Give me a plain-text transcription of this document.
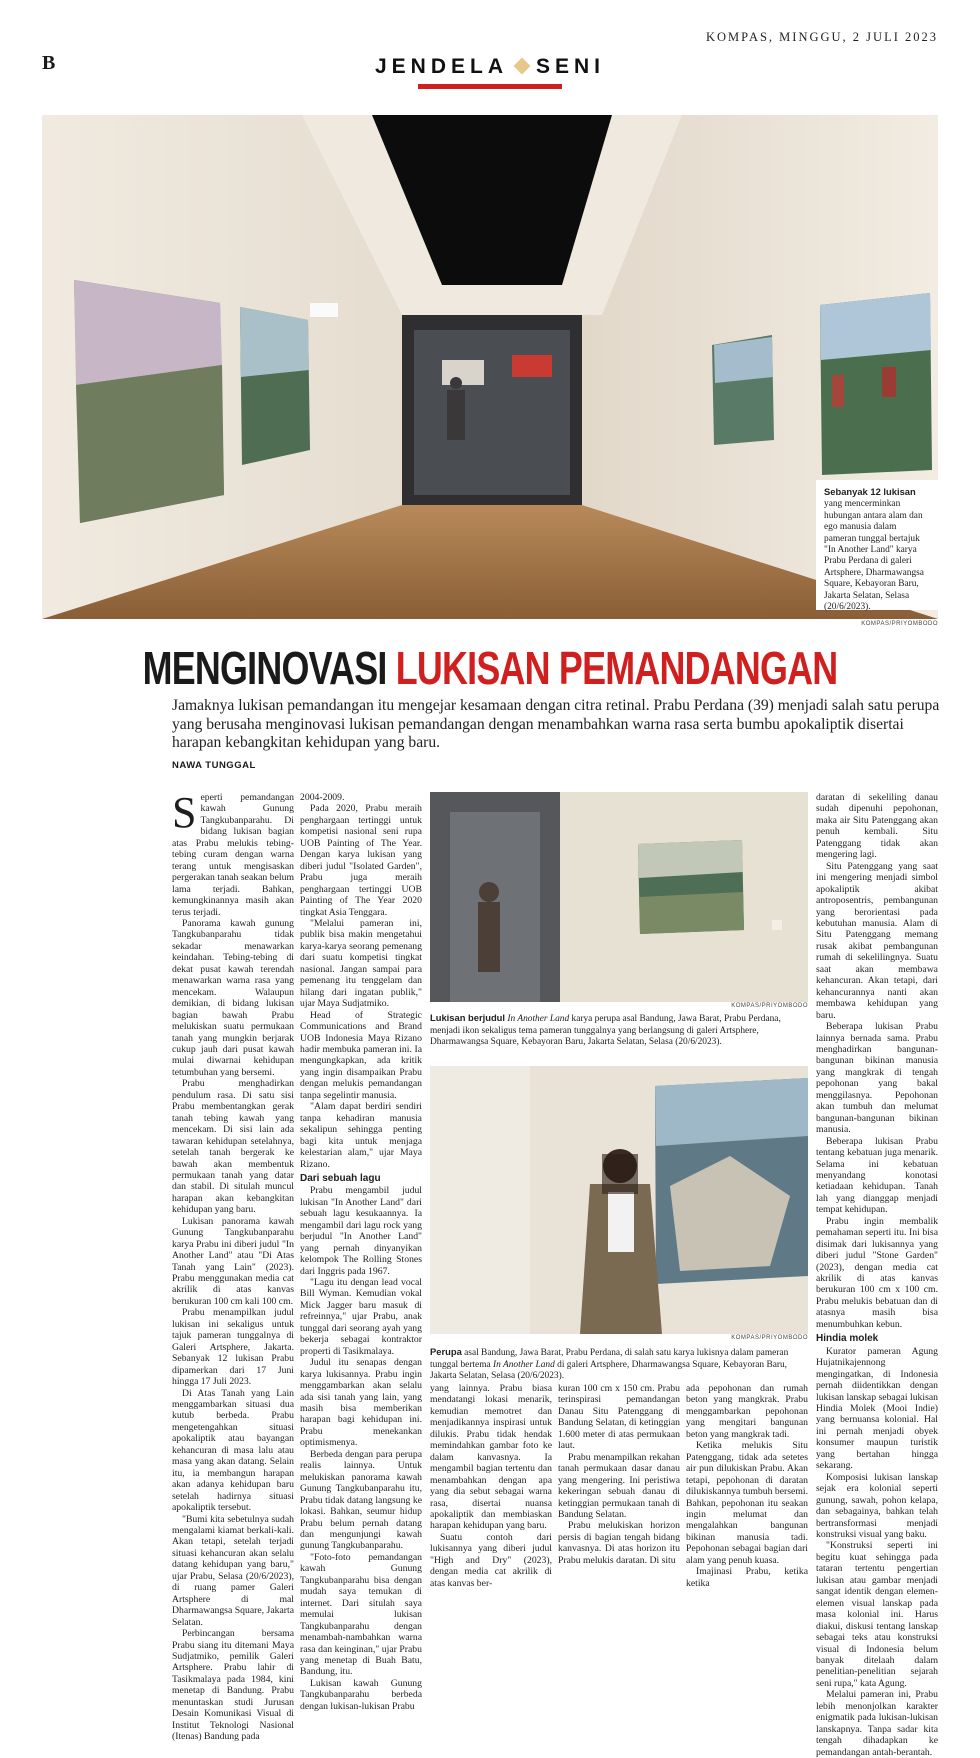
KOMPAS, MINGGU, 2 JULI 2023
B	JENDELA SENI
Sebanyak 12 lukisan yang mencerminkan hubungan antara alam dan ego manusia dalam pameran tunggal bertajuk "In Another Land" karya Prabu Perdana di galeri Artsphere, Dharmawangsa Square, Kebayoran Baru, Jakarta Selatan, Selasa (20/6/2023).
KOMPAS/PRIYOMBODO
MENGINOVASI LUKISAN PEMANDANGAN
Jamaknya lukisan pemandangan itu mengejar kesamaan dengan citra retinal. Prabu Perdana (39) menjadi salah satu perupa yang berusaha menginovasi lukisan pemandangan dengan menambahkan warna rasa serta bumbu apokaliptik disertai harapan kebangkitan kehidupan yang baru.
NAWA TUNGGAL
S eperti pemandangan kawah Gunung Tangkubanparahu. Di bidang lukisan bagian atas Prabu melukis tebing-tebing curam dengan warna terang untuk mengisaskan pergerakan tanah seakan belum lama terjadi. Bahkan, kemungkinannya masih akan terus terjadi.

Panorama kawah gunung Tangkubanparahu tidak sekadar menawarkan keindahan. Tebing-tebing di dekat pusat kawah terendah menawarkan warna rasa yang mencekam. Walaupun demikian, di bidang lukisan bagian bawah Prabu melukiskan suatu permukaan tanah yang mungkin berjarak cukup jauh dari pusat kawah mulai diwarnai kehidupan tetumbuhan yang bersemi.

Prabu menghadirkan pendulum rasa. Di satu sisi Prabu membentangkan gerak tanah tebing kawah yang mencekam. Di sisi lain ada tawaran kehidupan setelahnya, setelah tanah bergerak ke bawah akan membentuk permukaan tanah yang datar dan stabil. Di situlah muncul harapan akan kebangkitan kehidupan yang baru.

Lukisan panorama kawah Gunung Tangkubanparahu karya Prabu ini diberi judul "In Another Land" atau "Di Atas Tanah yang Lain" (2023). Prabu menggunakan media cat akrilik di atas kanvas berukuran 100 cm kali 100 cm.

Prabu menampilkan judul lukisan ini sekaligus untuk tajuk pameran tunggalnya di Galeri Artsphere, Jakarta. Sebanyak 12 lukisan Prabu dipamerkan dari 17 Juni hingga 17 Juli 2023.

Di Atas Tanah yang Lain menggambarkan situasi dua kutub berbeda. Prabu mengetengahkan situasi apokaliptik atau bayangan kehancuran di masa lalu atau masa yang akan datang. Selain itu, ia membangun harapan akan adanya kehidupan baru setelah hadirnya situasi apokaliptik tersebut.

"Bumi kita sebetulnya sudah mengalami kiamat berkali-kali. Akan tetapi, setelah terjadi situasi kehancuran akan selalu datang kehidupan yang baru," ujar Prabu, Selasa (20/6/2023), di ruang pamer Galeri Artsphere di mal Dharmawangsa Square, Jakarta Selatan.

Perbincangan bersama Prabu siang itu ditemani Maya Sudjatmiko, pemilik Galeri Artsphere. Prabu lahir di Tasikmalaya pada 1984, kini menetap di Bandung. Prabu menuntaskan studi Jurusan Desain Komunikasi Visual di Institut Teknologi Nasional (Itenas) Bandung pada

2004-2009.

Pada 2020, Prabu meraih penghargaan tertinggi untuk kompetisi nasional seni rupa UOB Painting of The Year. Dengan karya lukisan yang diberi judul "Isolated Garden", Prabu juga meraih penghargaan tertinggi UOB Painting of The Year 2020 tingkat Asia Tenggara.

"Melalui pameran ini, publik bisa makin mengetahui karya-karya seorang pemenang dari suatu kompetisi tingkat nasional. Jangan sampai para pemenang itu tenggelam dan hilang dari ingatan publik," ujar Maya Sudjatmiko.

Head of Strategic Communications and Brand UOB Indonesia Maya Rizano hadir membuka pameran ini. Ia mengungkapkan, ada kritik yang ingin disampaikan Prabu dengan melukis pemandangan tanpa segelintir manusia.

"Alam dapat berdiri sendiri tanpa kehadiran manusia sekalipun sehingga penting bagi kita untuk menjaga kelestarian alam," ujar Maya Rizano.

Dari sebuah lagu

Prabu mengambil judul lukisan "In Another Land" dari sebuah lagu kesukaannya. Ia mengambil dari lagu rock yang berjudul "In Another Land" yang pernah dinyanyikan kelompok The Rolling Stones dari Inggris pada 1967.

"Lagu itu dengan lead vocal Bill Wyman. Kemudian vokal Mick Jagger baru masuk di refreinnya," ujar Prabu, anak tunggal dari seorang ayah yang bekerja sebagai kontraktor properti di Tasikmalaya.

Judul itu senapas dengan karya lukisannya. Prabu ingin menggambarkan akan selalu ada sisi tanah yang lain, yang masih bisa memberikan harapan bagi kehidupan ini. Prabu menekankan optimismenya.

Berbeda dengan para perupa realis lainnya. Untuk melukiskan panorama kawah Gunung Tangkubanparahu itu, Prabu tidak datang langsung ke lokasi. Bahkan, seumur hidup Prabu belum pernah datang dan mengunjungi kawah gunung Tangkubanparahu.

"Foto-foto pemandangan kawah Gunung Tangkubanparahu bisa dengan mudah saya temukan di internet. Dari situlah saya memulai lukisan Tangkubanparahu dengan menambah-nambahkan warna rasa dan keinginan," ujar Prabu yang menetap di Buah Batu, Bandung, itu.

Lukisan kawah Gunung Tangkubanparahu berbeda dengan lukisan-lukisan Prabu

KOMPAS/PRIYOMBODO
Lukisan berjudul In Another Land karya perupa asal Bandung, Jawa Barat, Prabu Perdana, menjadi ikon sekaligus tema pameran tunggalnya yang berlangsung di galeri Artsphere, Dharmawangsa Square, Kebayoran Baru, Jakarta Selatan, Selasa (20/6/2023).
KOMPAS/PRIYOMBODO
Perupa asal Bandung, Jawa Barat, Prabu Perdana, di salah satu karya lukisnya dalam pameran tunggal bertema In Another Land di galeri Artsphere, Dharmawangsa Square, Kebayoran Baru, Jakarta Selatan, Selasa (20/6/2023).

yang lainnya. Prabu biasa mendatangi lokasi menarik, kemudian memotret dan menjadikannya inspirasi untuk dilukis. Prabu tidak hendak memindahkan gambar foto ke dalam kanvasnya. Ia mengambil bagian tertentu dan menambahkan dengan apa yang dia sebut sebagai warna rasa, disertai nuansa apokaliptik dan membiaskan harapan kehidupan yang baru.

Suatu contoh dari lukisannya yang diberi judul "High and Dry" (2023), dengan media cat akrilik di atas kanvas ber-

kuran 100 cm x 150 cm. Prabu terinspirasi pemandangan Danau Situ Patenggang di Bandung Selatan, di ketinggian 1.600 meter di atas permukaan laut.

Prabu menampilkan rekahan tanah permukaan dasar danau yang mengering. Ini peristiwa kekeringan sebuah danau di ketinggian permukaan tanah di Bandung Selatan.

Prabu melukiskan horizon persis di bagian tengah bidang kanvasnya. Di atas horizon itu Prabu melukis daratan. Di situ

ada pepohonan dan rumah beton yang mangkrak. Prabu menggambarkan pepohonan yang mengitari bangunan beton yang mangkrak tadi.

Ketika melukis Situ Patenggang, tidak ada setetes air pun dilukiskan Prabu. Akan tetapi, pepohonan di daratan dilukiskannya tumbuh bersemi. Bahkan, pepohonan itu seakan ingin melumat dan mengalahkan bangunan bikinan manusia tadi. Pepohonan sebagai bagian dari alam yang penuh kuasa.

Imajinasi Prabu, ketika ketika

daratan di sekeliling danau sudah dipenuhi pepohonan, maka air Situ Patenggang akan penuh kembali. Situ Patenggang tidak akan mengering lagi.

Situ Patenggang yang saat ini mengering menjadi simbol apokaliptik akibat antroposentris, pembangunan yang berorientasi pada kebutuhan manusia. Alam di Situ Patenggang memang rusak akibat pembangunan rumah di sekelilingnya. Suatu saat akan membawa kehancuran. Akan tetapi, dari kehancurannya nanti akan membawa kehidupan yang baru.

Beberapa lukisan Prabu lainnya bernada sama. Prabu menghadirkan bangunan-bangunan bikinan manusia yang mangkrak di tengah pepohonan yang bakal menggilasnya. Pepohonan akan tumbuh dan melumat bangunan-bangunan bikinan manusia.

Beberapa lukisan Prabu tentang kebatuan juga menarik. Selama ini kebatuan menyandang konotasi ketiadaan kehidupan. Tanah lah yang dianggap menjadi tempat kehidupan.

Prabu ingin membalik pemahaman seperti itu. Ini bisa disimak dari lukisannya yang diberi judul "Stone Garden" (2023), dengan media cat akrilik di atas kanvas berukuran 100 cm x 100 cm. Prabu melukis bebatuan dan di atasnya masih bisa menumbuhkan kebun.

Hindia molek

Kurator pameran Agung Hujatnikajennong mengingatkan, di Indonesia pernah diidentikkan dengan lukisan lanskap sebagai lukisan Hindia Molek (Mooi Indie) yang bernuansa kolonial. Hal ini pernah menjadi obyek konsumer maupun turistik yang bertahan hingga sekarang.

Komposisi lukisan lanskap sejak era kolonial seperti gunung, sawah, pohon kelapa, dan sebagainya, bahkan telah bertransformasi menjadi konstruksi visual yang baku.

"Konstruksi seperti ini begitu kuat sehingga pada tataran tertentu pengertian lukisan atau gambar menjadi sangat identik dengan elemen-elemen visual lanskap pada masa kolonial ini. Harus diakui, diskusi tentang lanskap sebagai teks atau konstruksi visual di Indonesia belum banyak ditelaah dalam penelitian-penelitian sejarah seni rupa," kata Agung.

Melalui pameran ini, Prabu lebih menonjolkan karakter enigmatik pada lukisan-lukisan lanskapnya. Tanpa sadar kita tengah dihadapkan ke pemandangan antah-berantah.
